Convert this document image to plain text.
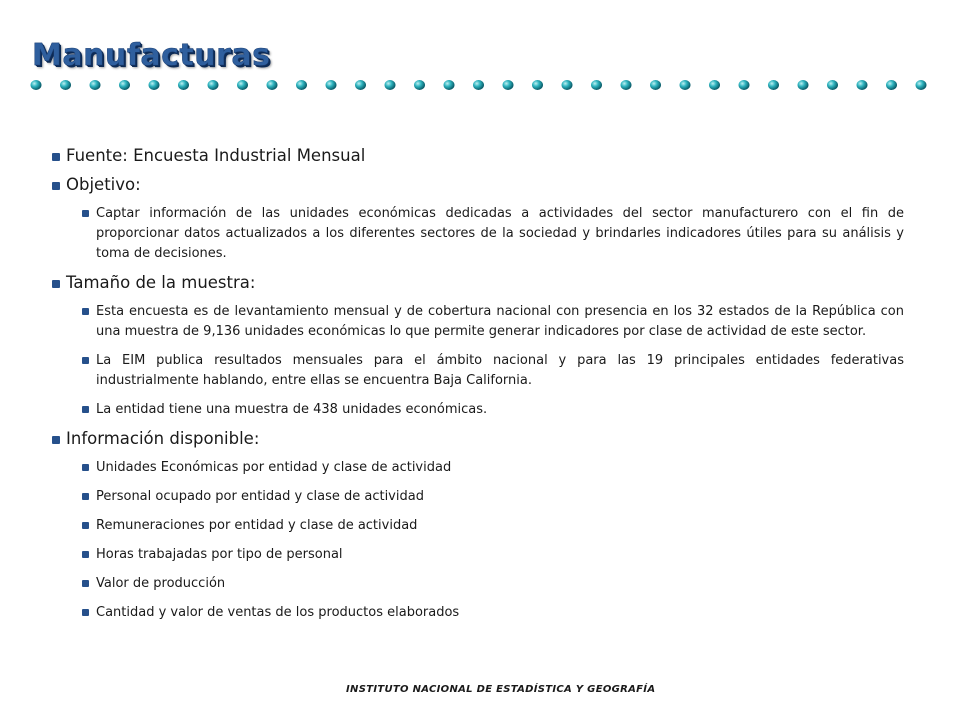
Manufacturas
Fuente: Encuesta Industrial Mensual
Objetivo:
Captar información de las unidades económicas dedicadas a actividades del sector manufacturero con el fin de proporcionar datos actualizados a los diferentes sectores de la sociedad y brindarles indicadores útiles para su análisis y toma de decisiones.
Tamaño de la muestra:
Esta encuesta es de levantamiento mensual y de cobertura nacional con presencia en los 32 estados de la República con una muestra de 9,136 unidades económicas lo que permite generar indicadores por clase de actividad de este sector.
La EIM publica resultados mensuales para el ámbito nacional y para las 19 principales entidades federativas industrialmente hablando, entre ellas se encuentra Baja California.
La entidad tiene una muestra de 438 unidades económicas.
Información disponible:
Unidades Económicas por entidad y clase de actividad
Personal ocupado por entidad y clase de actividad
Remuneraciones por entidad y clase de actividad
Horas trabajadas por tipo de personal
Valor de producción
Cantidad y valor de ventas de los productos elaborados
INSTITUTO NACIONAL DE ESTADÍSTICA Y GEOGRAFÍA
